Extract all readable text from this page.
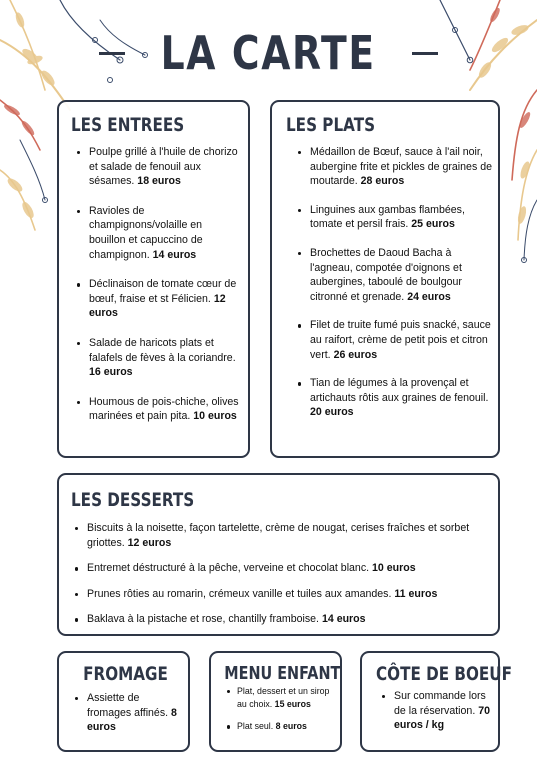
LA CARTE
LES ENTREES
Poulpe grillé à l'huile de chorizo et salade de fenouil aux sésames. 18 euros
Ravioles de champignons/volaille en bouillon et capuccino de champignon. 14 euros
Déclinaison de tomate cœur de bœuf, fraise et st Félicien. 12 euros
Salade de haricots plats et falafels de fèves à la coriandre. 16 euros
Houmous de pois-chiche, olives marinées et pain pita. 10 euros
LES PLATS
Médaillon de Bœuf, sauce à l'ail noir, aubergine frite et pickles de graines de moutarde. 28 euros
Linguines aux gambas flambées, tomate et persil frais. 25 euros
Brochettes de Daoud Bacha à l'agneau, compotée d'oignons et aubergines, taboulé de boulgour citronné et grenade. 24 euros
Filet de truite fumé puis snacké, sauce au raifort, crème de petit pois et citron vert. 26 euros
Tian de légumes à la provençal et artichauts rôtis aux graines de fenouil. 20 euros
LES DESSERTS
Biscuits à la noisette, façon tartelette, crème de nougat, cerises fraîches et sorbet griottes. 12 euros
Entremet déstructuré à la pêche, verveine et chocolat blanc. 10 euros
Prunes rôties au romarin, crémeux vanille et tuiles aux amandes. 11 euros
Baklava à la pistache et rose, chantilly framboise. 14 euros
FROMAGE
Assiette de fromages affinés. 8 euros
MENU ENFANT
Plat, dessert et un sirop au choix. 15 euros
Plat seul. 8 euros
CÔTE DE BOEUF
Sur commande lors de la réservation. 70 euros / kg
